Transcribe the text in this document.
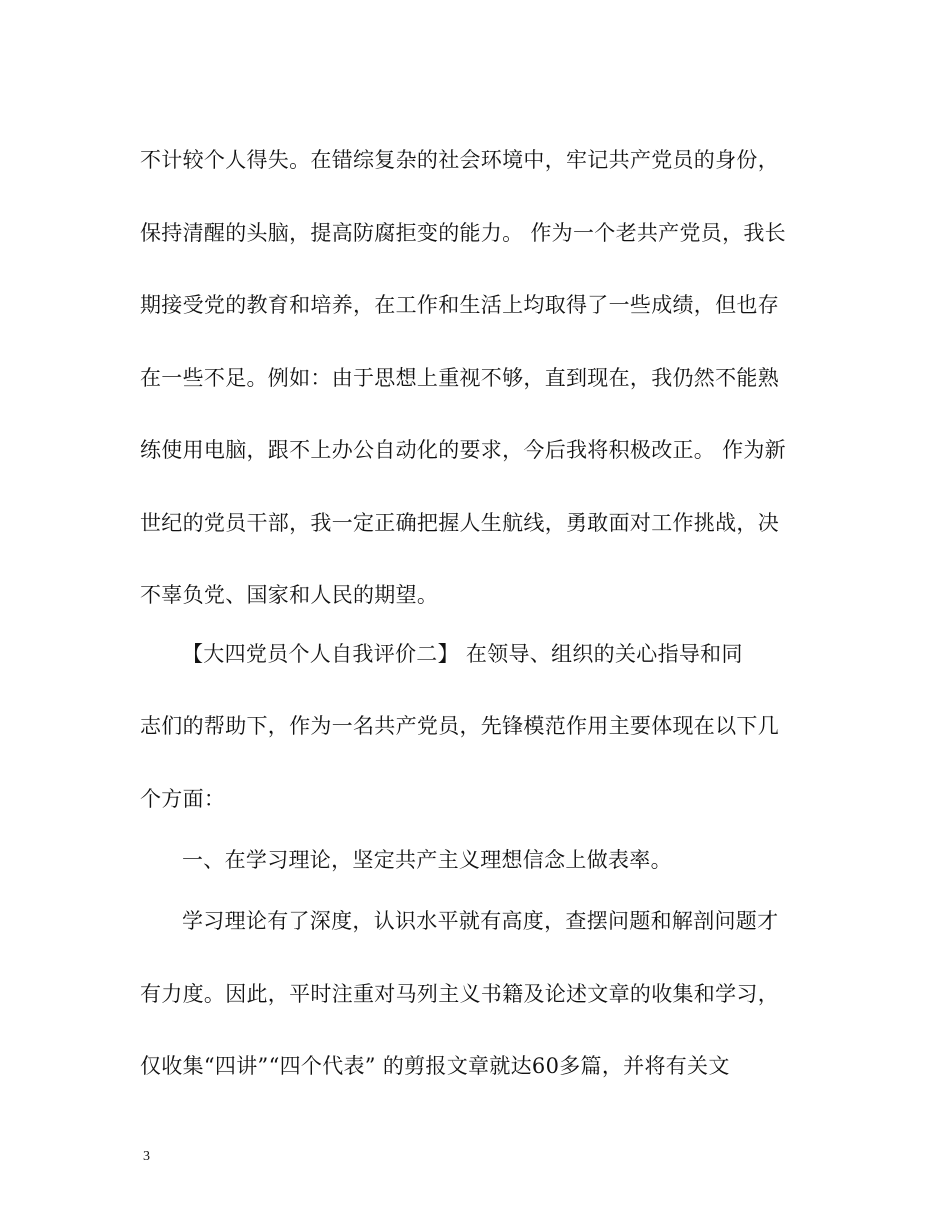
不计较个人得失。在错综复杂的社会环境中，牢记共产党员的身份，
保持清醒的头脑，提高防腐拒变的能力。 作为一个老共产党员，我长
期接受党的教育和培养，在工作和生活上均取得了一些成绩，但也存
在一些不足。例如：由于思想上重视不够，直到现在，我仍然不能熟
练使用电脑，跟不上办公自动化的要求，今后我将积极改正。 作为新
世纪的党员干部，我一定正确把握人生航线，勇敢面对工作挑战，决
不辜负党、国家和人民的期望。
【大四党员个人自我评价二】 在领导、组织的关心指导和同
志们的帮助下，作为一名共产党员，先锋模范作用主要体现在以下几
个方面：
一、在学习理论，坚定共产主义理想信念上做表率。
学习理论有了深度，认识水平就有高度，查摆问题和解剖问题才
有力度。因此，平时注重对马列主义书籍及论述文章的收集和学习，
仅收集“四讲”“四个代表” 的剪报文章就达60多篇，并将有关文
3
